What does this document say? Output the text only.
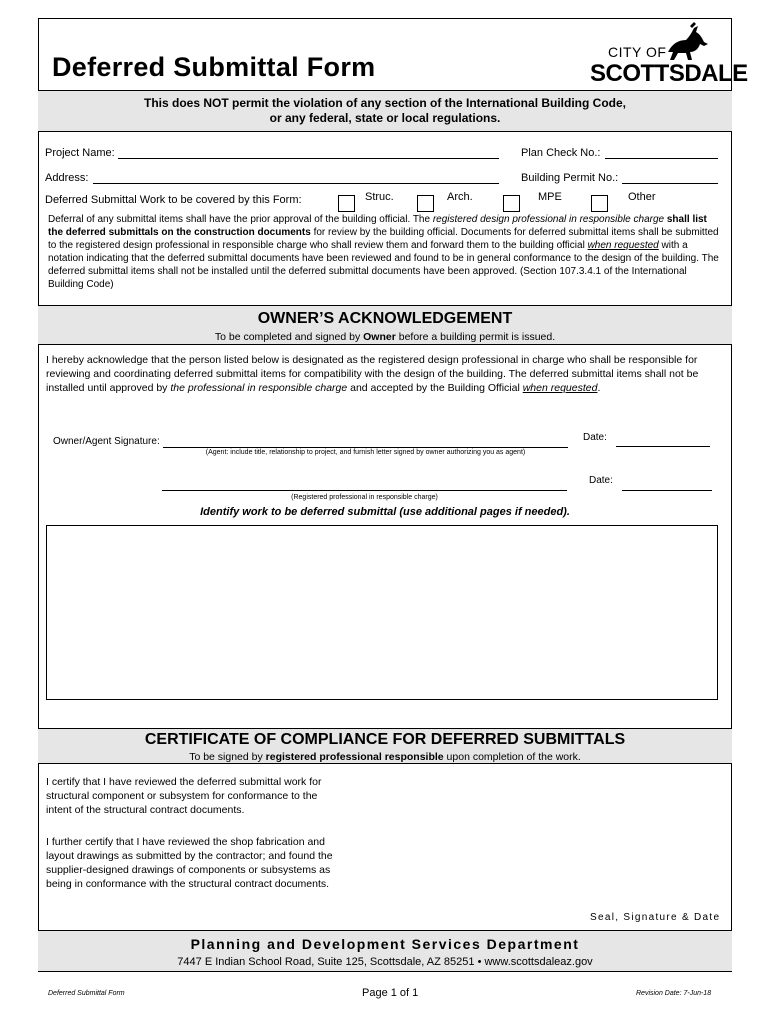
Deferred Submittal Form	CITY OF
SCOTTSDALE
This does NOT permit the violation of any section of the International Building Code,
or any federal, state or local regulations.
Project Name:	Plan Check No.:
Address:	Building Permit No.:
Deferred Submittal Work to be covered by this Form:	Struc.	Arch.	MPE	Other
Deferral of any submittal items shall have the prior approval of the building official. The registered design professional in responsible charge shall list the deferred submittals on the construction documents for review by the building official. Documents for deferred submittal items shall be submitted to the registered design professional in responsible charge who shall review them and forward them to the building official when requested with a notation indicating that the deferred submittal documents have been reviewed and found to be in general conformance to the design of the building. The deferred submittal items shall not be installed until the deferred submittal documents have been approved. (Section 107.3.4.1 of the International Building Code)
OWNER’S ACKNOWLEDGEMENT
To be completed and signed by Owner before a building permit is issued.
I hereby acknowledge that the person listed below is designated as the registered design professional in charge who shall be responsible for reviewing and coordinating deferred submittal items for compatibility with the design of the building. The deferred submittal items shall not be installed until approved by the professional in responsible charge and accepted by the Building Official when requested.
Owner/Agent Signature:
(Agent: include title, relationship to project, and furnish letter signed by owner authorizing you as agent)
Date:
(Registered professional in responsible charge)
Date:
Identify work to be deferred submittal (use additional pages if needed).
CERTIFICATE OF COMPLIANCE FOR DEFERRED SUBMITTALS
To be signed by registered professional responsible upon completion of the work.

I certify that I have reviewed the deferred submittal work for structural component or subsystem for conformance to the intent of the structural contract documents.

I further certify that I have reviewed the shop fabrication and layout drawings as submitted by the contractor; and found the supplier-designed drawings of components or subsystems as being in conformance with the structural contract documents.

Seal, Signature & Date
Planning and Development Services Department
7447 E Indian School Road, Suite 125, Scottsdale, AZ 85251 • www.scottsdaleaz.gov
Deferred Submittal Form	Page 1 of 1	Revision Date: 7-Jun-18
